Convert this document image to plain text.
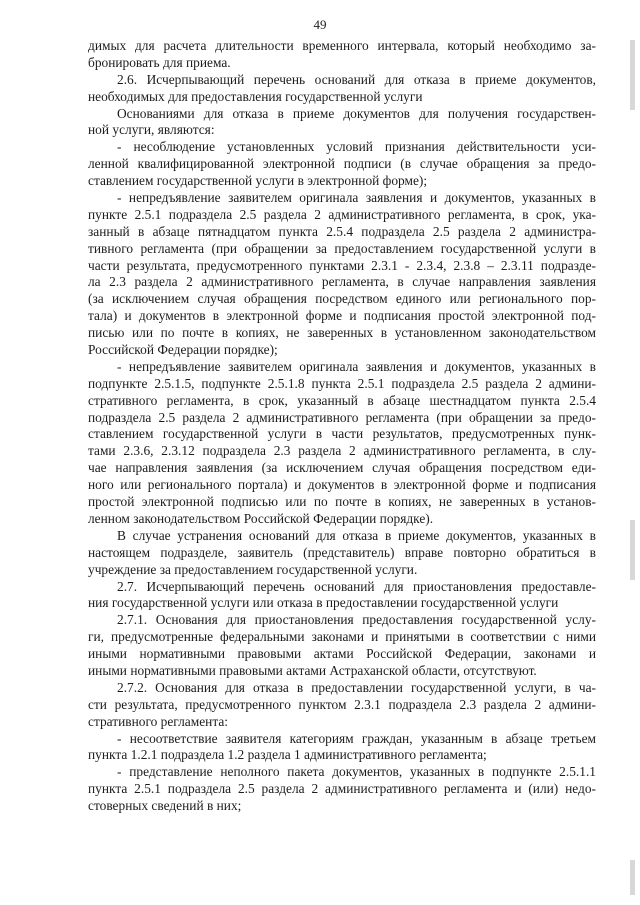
49
димых для расчета длительности временного интервала, который необходимо за-
бронировать для приема.
2.6. Исчерпывающий перечень оснований для отказа в приеме документов,
необходимых для предоставления государственной услуги
Основаниями для отказа в приеме документов для получения государствен-
ной услуги, являются:
- несоблюдение установленных условий признания действительности уси-
ленной квалифицированной электронной подписи (в случае обращения за предо-
ставлением государственной услуги в электронной форме);
- непредъявление заявителем оригинала заявления и документов, указанных в
пункте 2.5.1 подраздела 2.5 раздела 2 административного регламента, в срок, ука-
занный в абзаце пятнадцатом пункта 2.5.4 подраздела 2.5 раздела 2 администра-
тивного регламента (при обращении за предоставлением государственной услуги в
части результата, предусмотренного пунктами 2.3.1 - 2.3.4, 2.3.8 – 2.3.11 подразде-
ла 2.3 раздела 2 административного регламента, в случае направления заявления
(за исключением случая обращения посредством единого или регионального пор-
тала) и документов в электронной форме и подписания простой электронной под-
писью или по почте в копиях, не заверенных в установленном законодательством
Российской Федерации порядке);
- непредъявление заявителем оригинала заявления и документов, указанных в
подпункте 2.5.1.5, подпункте 2.5.1.8 пункта 2.5.1 подраздела 2.5 раздела 2 админи-
стративного регламента, в срок, указанный в абзаце шестнадцатом пункта 2.5.4
подраздела 2.5 раздела 2 административного регламента (при обращении за предо-
ставлением государственной услуги в части результатов, предусмотренных пунк-
тами 2.3.6, 2.3.12 подраздела 2.3 раздела 2 административного регламента, в слу-
чае направления заявления (за исключением случая обращения посредством еди-
ного или регионального портала) и документов в электронной форме и подписания
простой электронной подписью или по почте в копиях, не заверенных в установ-
ленном законодательством Российской Федерации порядке).
В случае устранения оснований для отказа в приеме документов, указанных в
настоящем подразделе, заявитель (представитель) вправе повторно обратиться в
учреждение за предоставлением государственной услуги.
2.7. Исчерпывающий перечень оснований для приостановления предоставле-
ния государственной услуги или отказа в предоставлении государственной услуги
2.7.1. Основания для приостановления предоставления государственной услу-
ги, предусмотренные федеральными законами и принятыми в соответствии с ними
иными нормативными правовыми актами Российской Федерации, законами и
иными нормативными правовыми актами Астраханской области, отсутствуют.
2.7.2. Основания для отказа в предоставлении государственной услуги, в ча-
сти результата, предусмотренного пунктом 2.3.1 подраздела 2.3 раздела 2 админи-
стративного регламента:
- несоответствие заявителя категориям граждан, указанным в абзаце третьем
пункта 1.2.1 подраздела 1.2 раздела 1 административного регламента;
- представление неполного пакета документов, указанных в подпункте 2.5.1.1
пункта 2.5.1 подраздела 2.5 раздела 2 административного регламента и (или) недо-
стоверных сведений в них;
